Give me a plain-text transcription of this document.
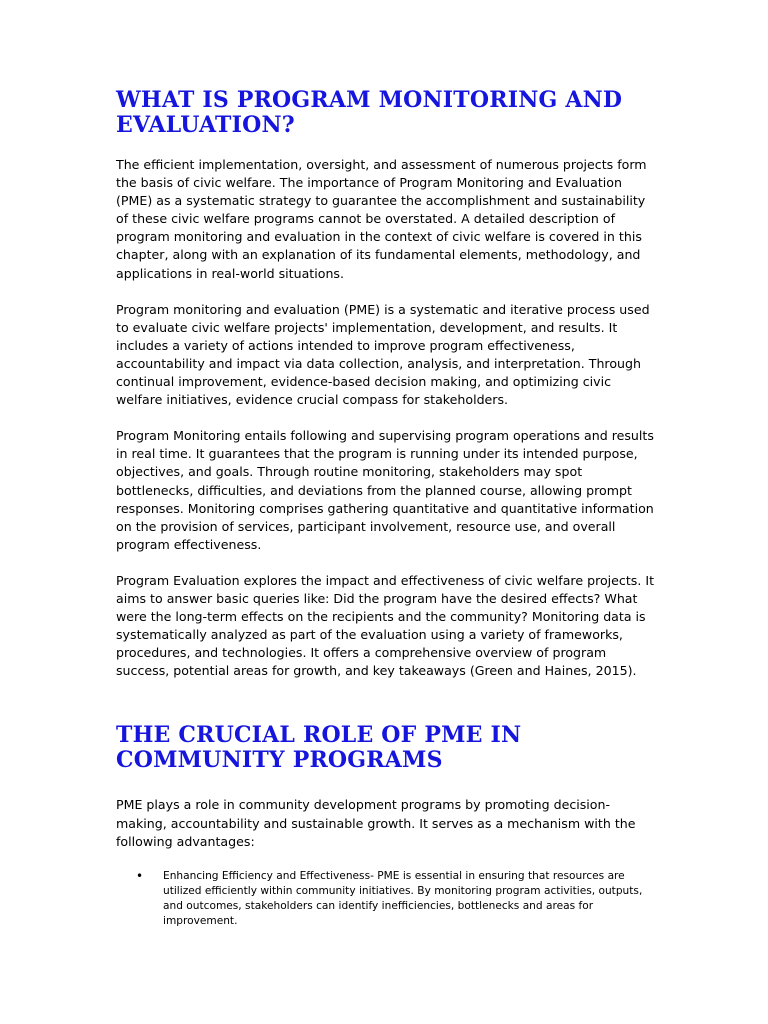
WHAT IS PROGRAM MONITORING AND EVALUATION?

The efficient implementation, oversight, and assessment of numerous projects form the basis of civic welfare. The importance of Program Monitoring and Evaluation (PME) as a systematic strategy to guarantee the accomplishment and sustainability of these civic welfare programs cannot be overstated. A detailed description of program monitoring and evaluation in the context of civic welfare is covered in this chapter, along with an explanation of its fundamental elements, methodology, and applications in real-world situations.

Program monitoring and evaluation (PME) is a systematic and iterative process used to evaluate civic welfare projects' implementation, development, and results. It includes a variety of actions intended to improve program effectiveness, accountability and impact via data collection, analysis, and interpretation. Through continual improvement, evidence-based decision making, and optimizing civic welfare initiatives, evidence crucial compass for stakeholders.

Program Monitoring entails following and supervising program operations and results in real time. It guarantees that the program is running under its intended purpose, objectives, and goals. Through routine monitoring, stakeholders may spot bottlenecks, difficulties, and deviations from the planned course, allowing prompt responses. Monitoring comprises gathering quantitative and quantitative information on the provision of services, participant involvement, resource use, and overall program effectiveness.

Program Evaluation explores the impact and effectiveness of civic welfare projects. It aims to answer basic queries like: Did the program have the desired effects? What were the long-term effects on the recipients and the community? Monitoring data is systematically analyzed as part of the evaluation using a variety of frameworks, procedures, and technologies. It offers a comprehensive overview of program success, potential areas for growth, and key takeaways (Green and Haines, 2015).

THE CRUCIAL ROLE OF PME IN COMMUNITY PROGRAMS

PME plays a role in community development programs by promoting decision-making, accountability and sustainable growth. It serves as a mechanism with the following advantages:

• Enhancing Efficiency and Effectiveness- PME is essential in ensuring that resources are utilized efficiently within community initiatives. By monitoring program activities, outputs, and outcomes, stakeholders can identify inefficiencies, bottlenecks and areas for improvement.
